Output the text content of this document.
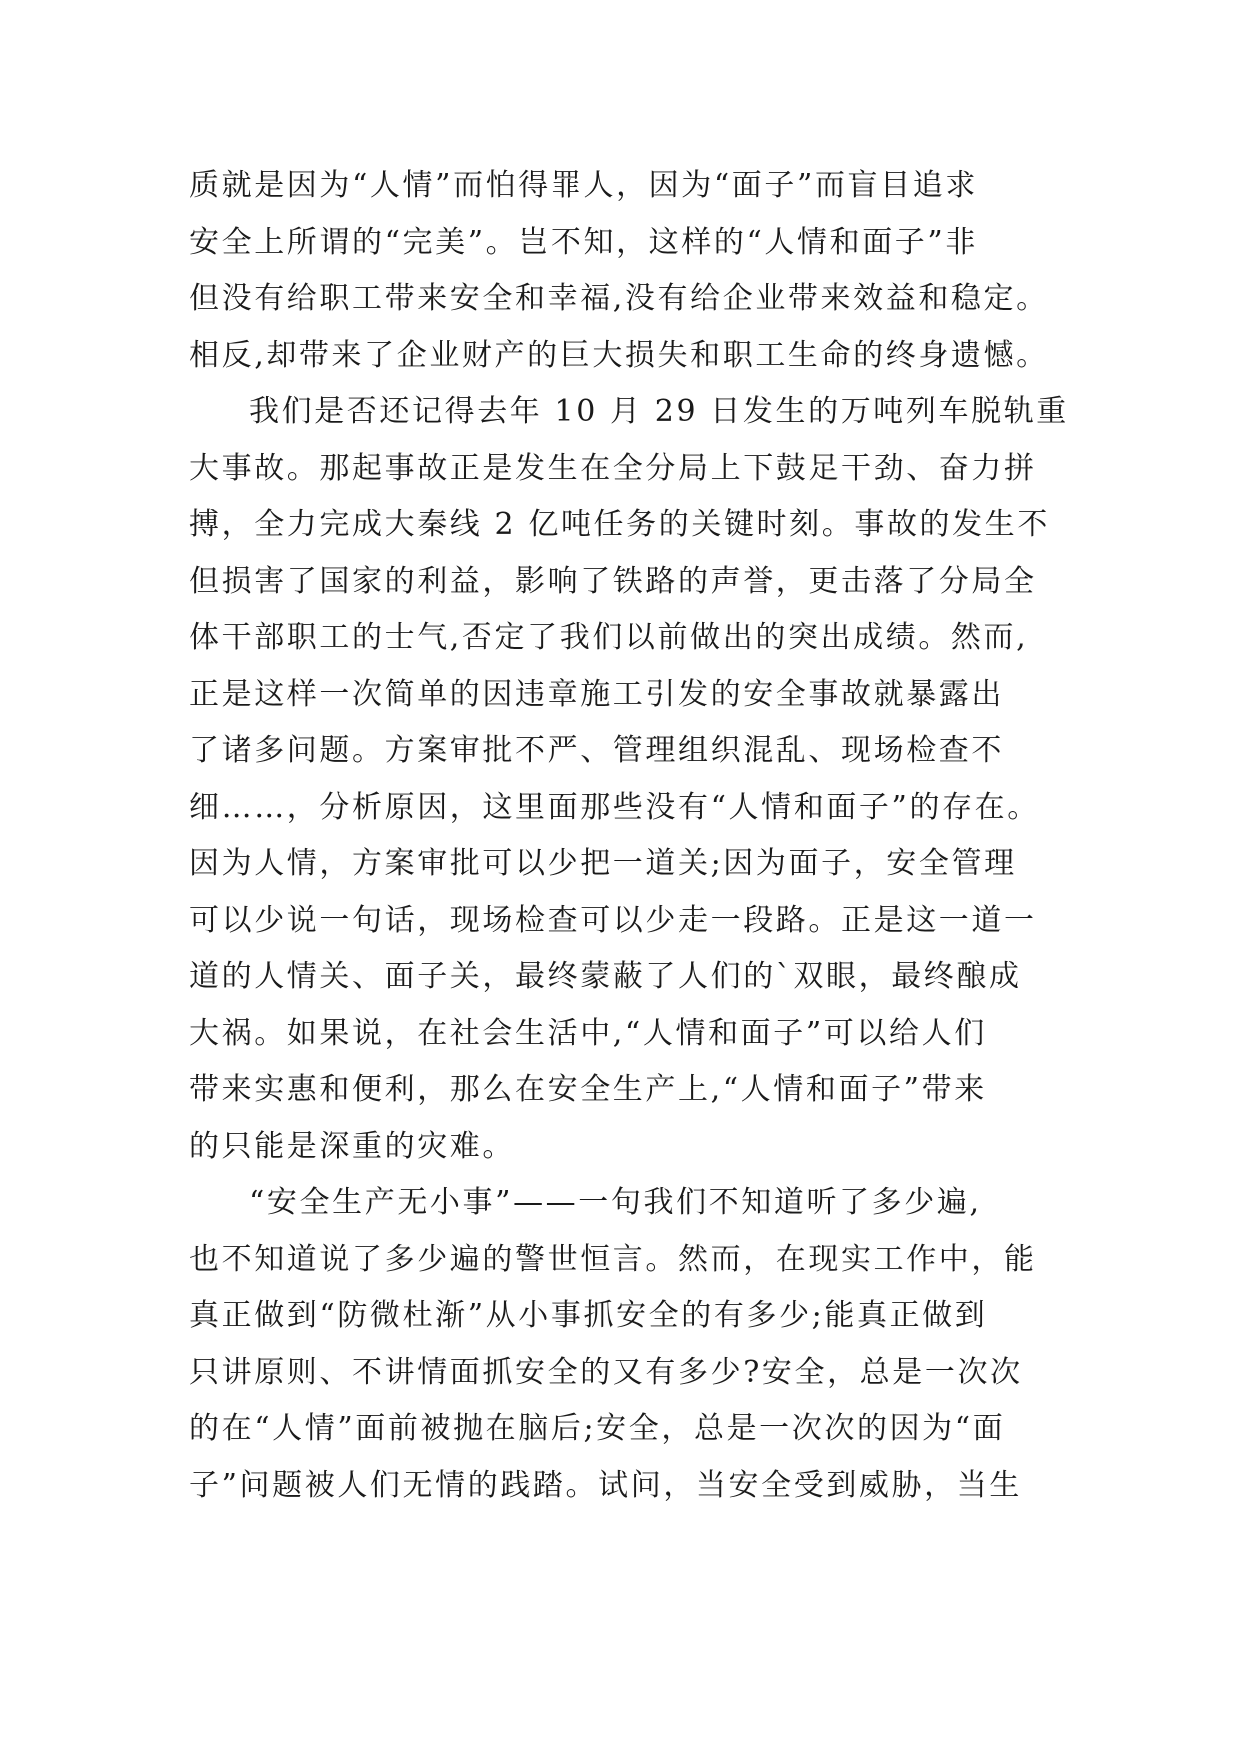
质就是因为“人情”而怕得罪人，因为“面子”而盲目追求
安全上所谓的“完美”。岂不知，这样的“人情和面子”非
但没有给职工带来安全和幸福,没有给企业带来效益和稳定。
相反,却带来了企业财产的巨大损失和职工生命的终身遗憾。
我们是否还记得去年 10 月 29 日发生的万吨列车脱轨重
大事故。那起事故正是发生在全分局上下鼓足干劲、奋力拼
搏，全力完成大秦线 2 亿吨任务的关键时刻。事故的发生不
但损害了国家的利益，影响了铁路的声誉，更击落了分局全
体干部职工的士气,否定了我们以前做出的突出成绩。然而,
正是这样一次简单的因违章施工引发的安全事故就暴露出
了诸多问题。方案审批不严、管理组织混乱、现场检查不
细……，分析原因，这里面那些没有“人情和面子”的存在。
因为人情，方案审批可以少把一道关;因为面子，安全管理
可以少说一句话，现场检查可以少走一段路。正是这一道一
道的人情关、面子关，最终蒙蔽了人们的`双眼，最终酿成
大祸。如果说，在社会生活中,“人情和面子”可以给人们
带来实惠和便利，那么在安全生产上,“人情和面子”带来
的只能是深重的灾难。
“安全生产无小事”——一句我们不知道听了多少遍,
也不知道说了多少遍的警世恒言。然而，在现实工作中，能
真正做到“防微杜渐”从小事抓安全的有多少;能真正做到
只讲原则、不讲情面抓安全的又有多少?安全，总是一次次
的在“人情”面前被抛在脑后;安全，总是一次次的因为“面
子”问题被人们无情的践踏。试问，当安全受到威胁，当生
